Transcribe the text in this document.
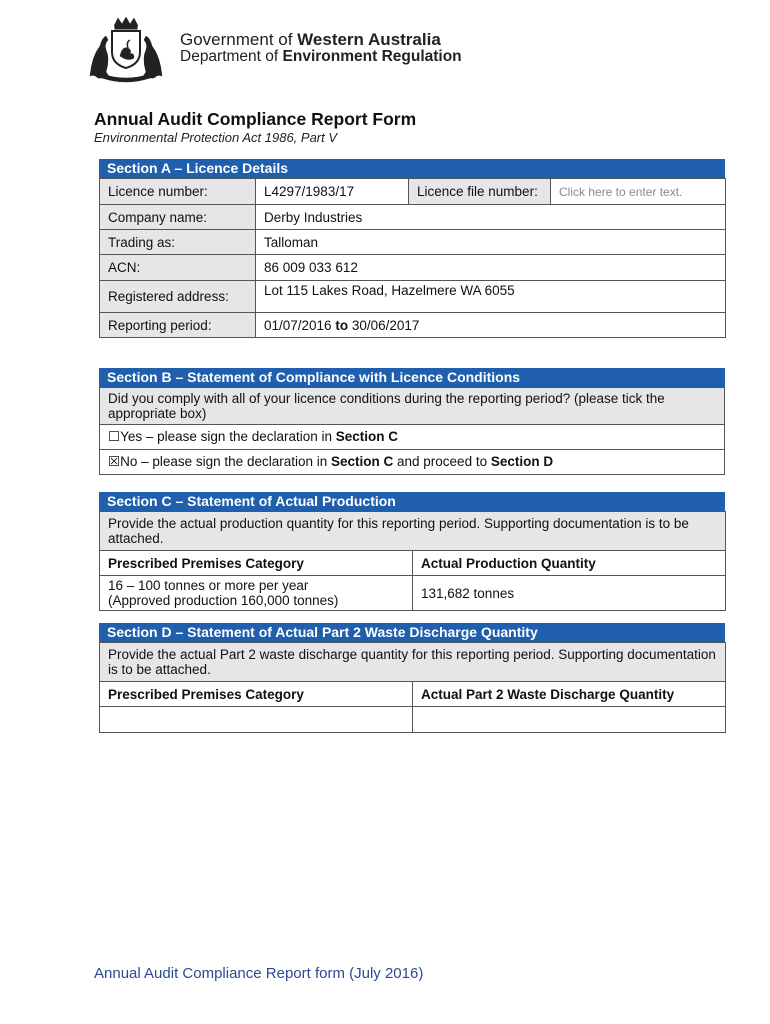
Government of Western Australia
Department of Environment Regulation
Annual Audit Compliance Report Form
Environmental Protection Act 1986, Part V
Section A – Licence Details
Licence number:	L4297/1983/17	Licence file number:	Click here to enter text.
Company name:	Derby Industries		
Trading as:	Talloman		
ACN:	86 009 033 612		
Registered address:	Lot 115 Lakes Road, Hazelmere WA 6055		
Reporting period:	01/07/2016 to 30/06/2017		
Section B – Statement of Compliance with Licence Conditions
Did you comply with all of your licence conditions during the reporting period? (please tick the appropriate box)
☐Yes – please sign the declaration in Section C
☒No – please sign the declaration in Section C and proceed to Section D
Section C – Statement of Actual Production
Provide the actual production quantity for this reporting period. Supporting documentation is to be attached.	
Prescribed Premises Category	Actual Production Quantity

16 – 100 tonnes or more per year
(Approved production 160,000 tonnes)	131,682 tonnes
Section D – Statement of Actual Part 2 Waste Discharge Quantity
Provide the actual Part 2 waste discharge quantity for this reporting period. Supporting documentation is to be attached.	
Prescribed Premises Category	Actual Part 2 Waste Discharge Quantity

Annual Audit Compliance Report form (July 2016)
